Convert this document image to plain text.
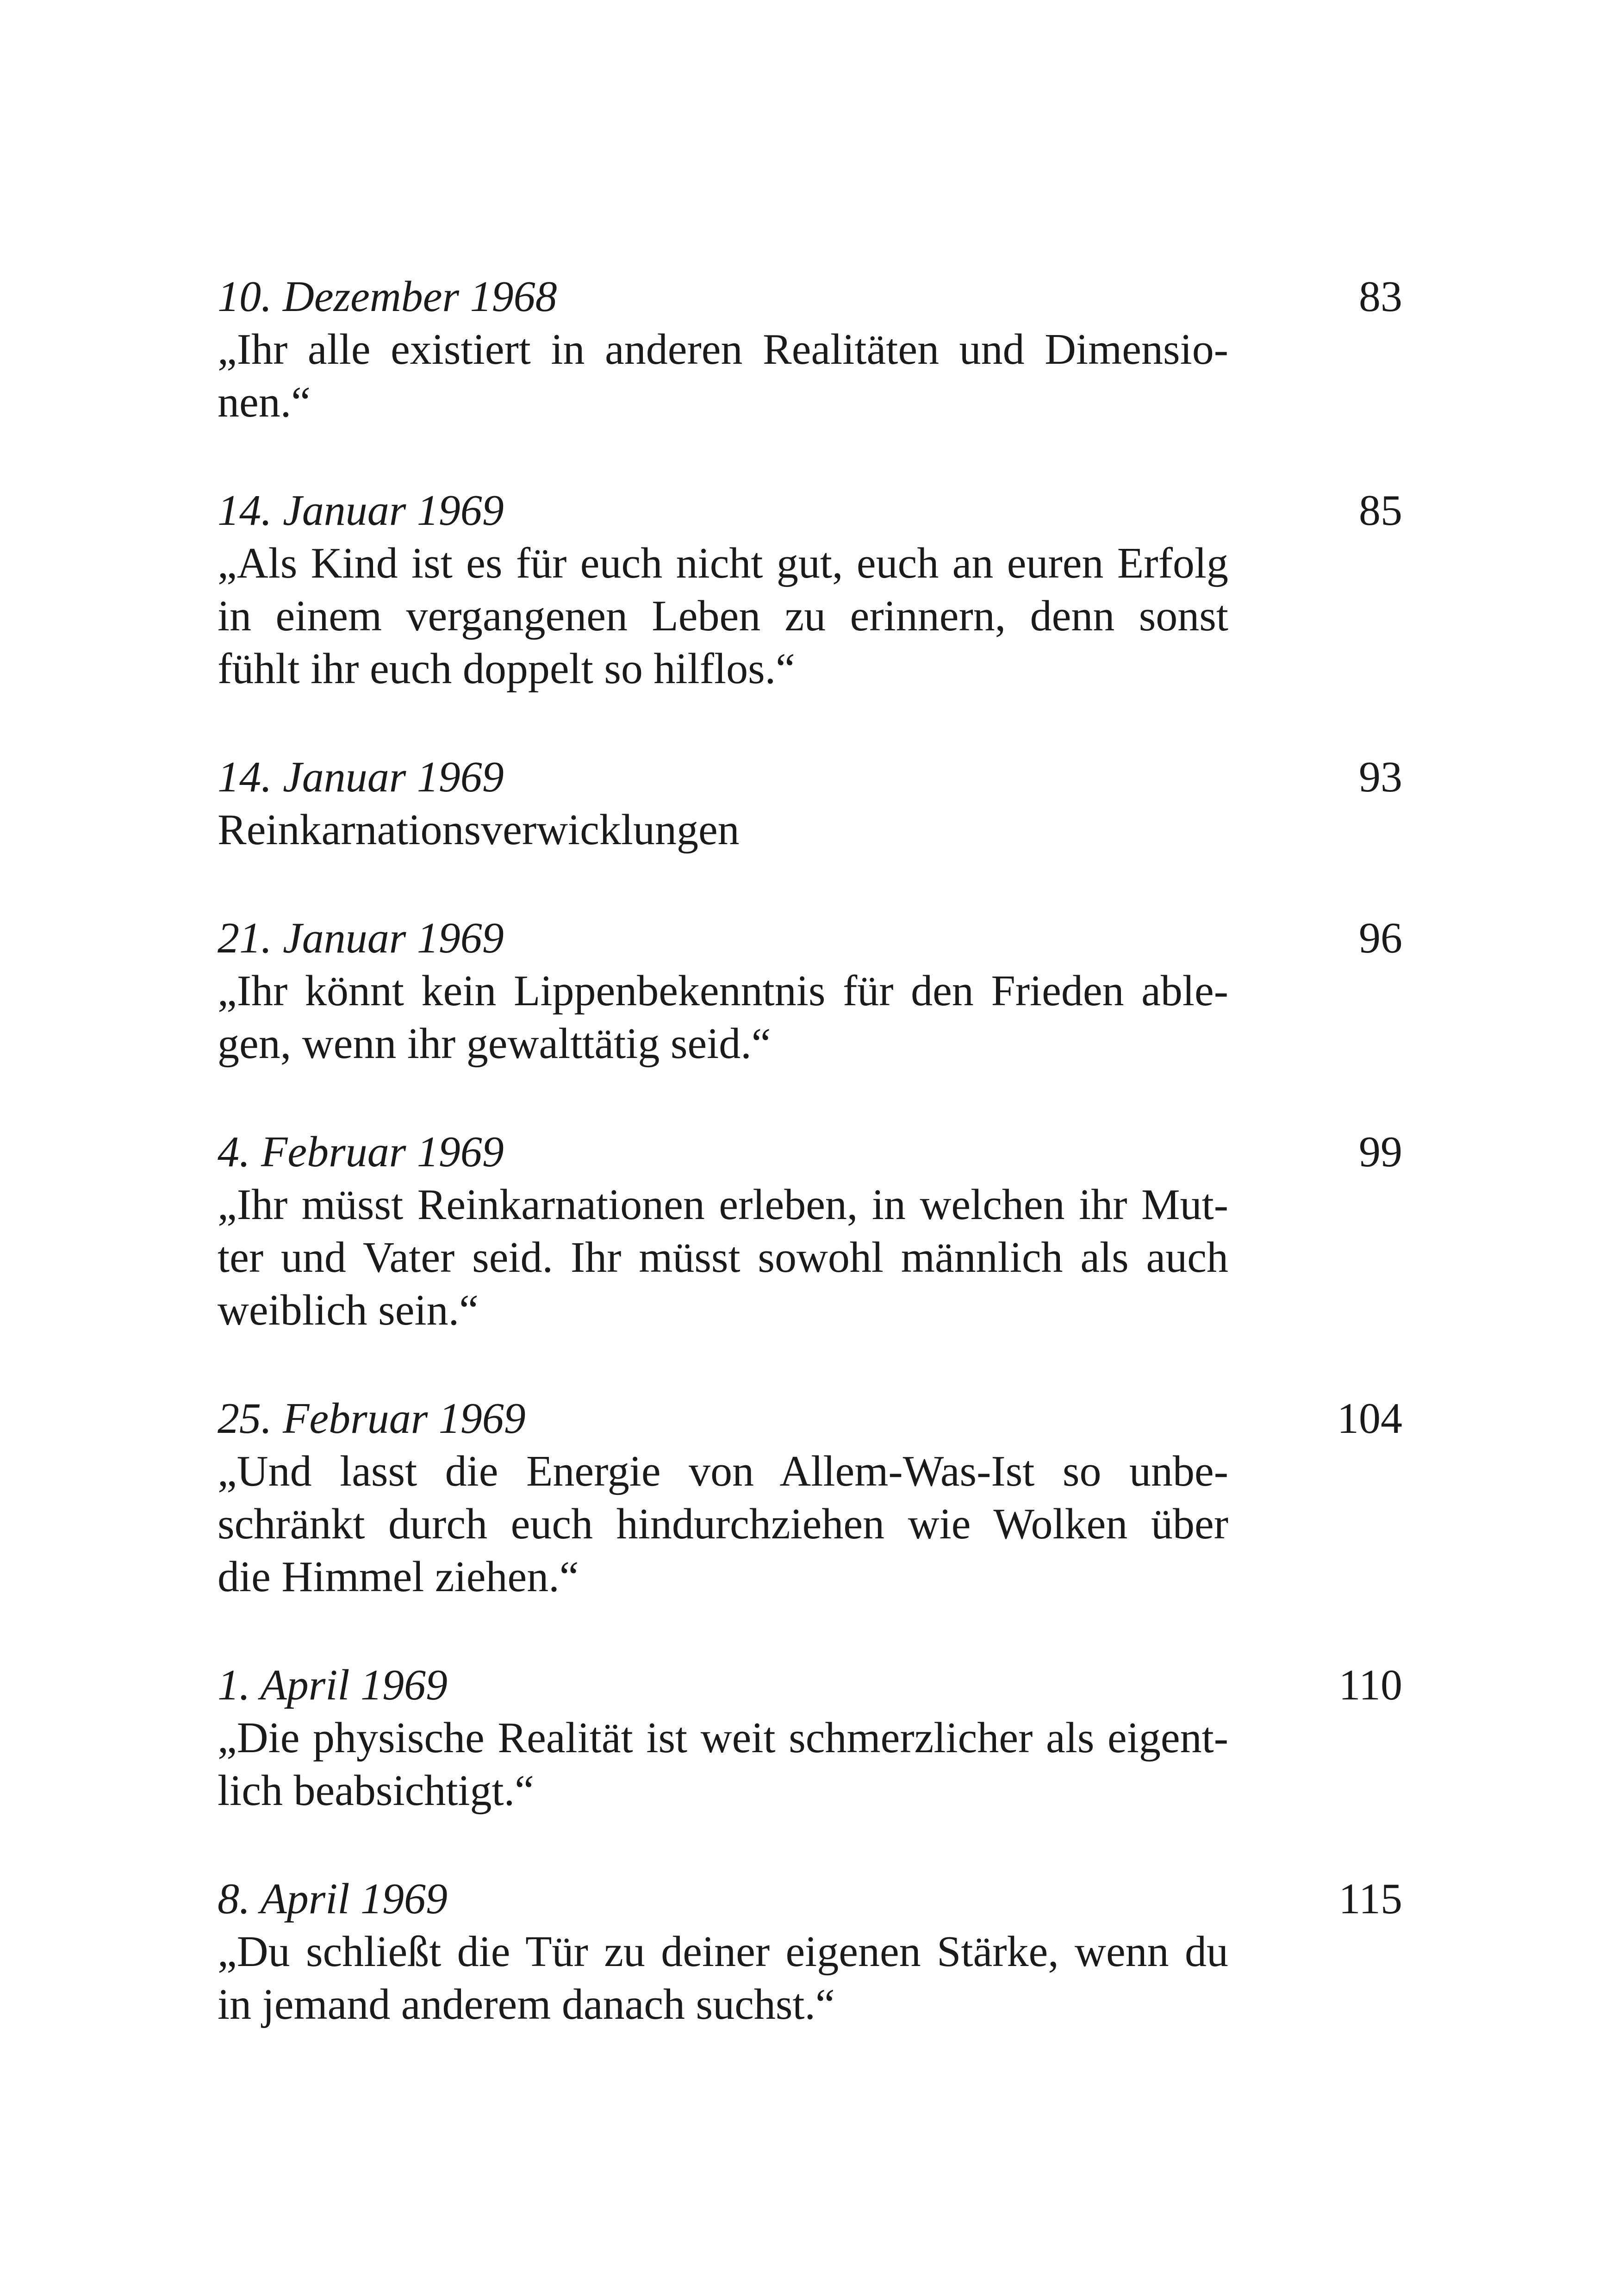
10. Dezember 1968	83
„Ihr alle existiert in anderen Realitäten und Dimensio-
nen.“
14. Januar 1969	85
„Als Kind ist es für euch nicht gut, euch an euren Erfolg
in einem vergangenen Leben zu erinnern, denn sonst
fühlt ihr euch doppelt so hilflos.“
14. Januar 1969	93
Reinkarnationsverwicklungen
21. Januar 1969	96
„Ihr könnt kein Lippenbekenntnis für den Frieden able-
gen, wenn ihr gewalttätig seid.“
4. Februar 1969	99
„Ihr müsst Reinkarnationen erleben, in welchen ihr Mut-
ter und Vater seid. Ihr müsst sowohl männlich als auch
weiblich sein.“
25. Februar 1969	104
„Und lasst die Energie von Allem-Was-Ist so unbe-
schränkt durch euch hindurchziehen wie Wolken über
die Himmel ziehen.“
1. April 1969	110
„Die physische Realität ist weit schmerzlicher als eigent-
lich beabsichtigt.“
8. April 1969	115
„Du schließt die Tür zu deiner eigenen Stärke, wenn du
in jemand anderem danach suchst.“
